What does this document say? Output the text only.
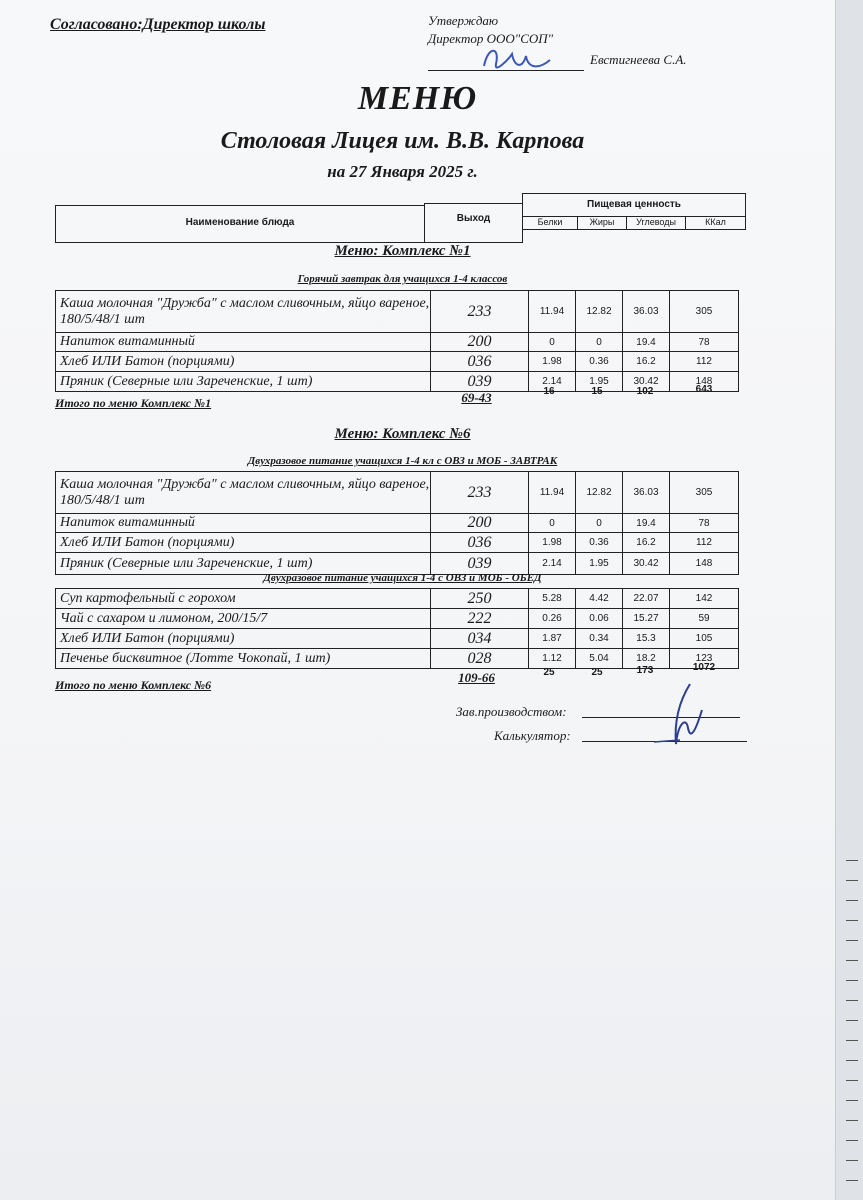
Согласовано:Директор школы	Утверждаю
Директор ООО"СОП"
Евстигнеева С.А.
МЕНЮ
Столовая Лицея им. В.В. Карпова
на 27 Января 2025 г.
Наименование блюда	Выход
Пищевая ценность
Белки	Жиры	Углеводы	ККал
Меню: Комплекс №1
Горячий завтрак для учащихся 1-4 классов
Каша молочная "Дружба" с маслом сливочным, яйцо вареное, 180/5/48/1 шт	233	11.94	12.82	36.03	305
Напиток витаминный	200	0	0	19.4	78
Хлеб ИЛИ Батон (порциями)	036	1.98	0.36	16.2	112
Пряник (Северные или Зареченские, 1 шт)	039	2.14	1.95	30.42	148
Итого по меню Комплекс №1	69-43	16	15	102	643
Меню: Комплекс №6
Двухразовое питание учащихся 1-4 кл с ОВЗ и МОБ - ЗАВТРАК
Каша молочная "Дружба" с маслом сливочным, яйцо вареное, 180/5/48/1 шт	233	11.94	12.82	36.03	305
Напиток витаминный	200	0	0	19.4	78
Хлеб ИЛИ Батон (порциями)	036	1.98	0.36	16.2	112
Пряник (Северные или Зареченские, 1 шт)	039	2.14	1.95	30.42	148
Двухразовое питание учащихся 1-4 с ОВЗ и МОБ - ОБЕД
Суп картофельный с горохом	250	5.28	4.42	22.07	142
Чай с сахаром и лимоном, 200/15/7	222	0.26	0.06	15.27	59
Хлеб ИЛИ Батон (порциями)	034	1.87	0.34	15.3	105
Печенье бисквитное (Лотте Чокопай, 1 шт)	028	1.12	5.04	18.2	123
Итого по меню Комплекс №6	109-66	25	25	173	1072
Зав.производством:
Калькулятор:
